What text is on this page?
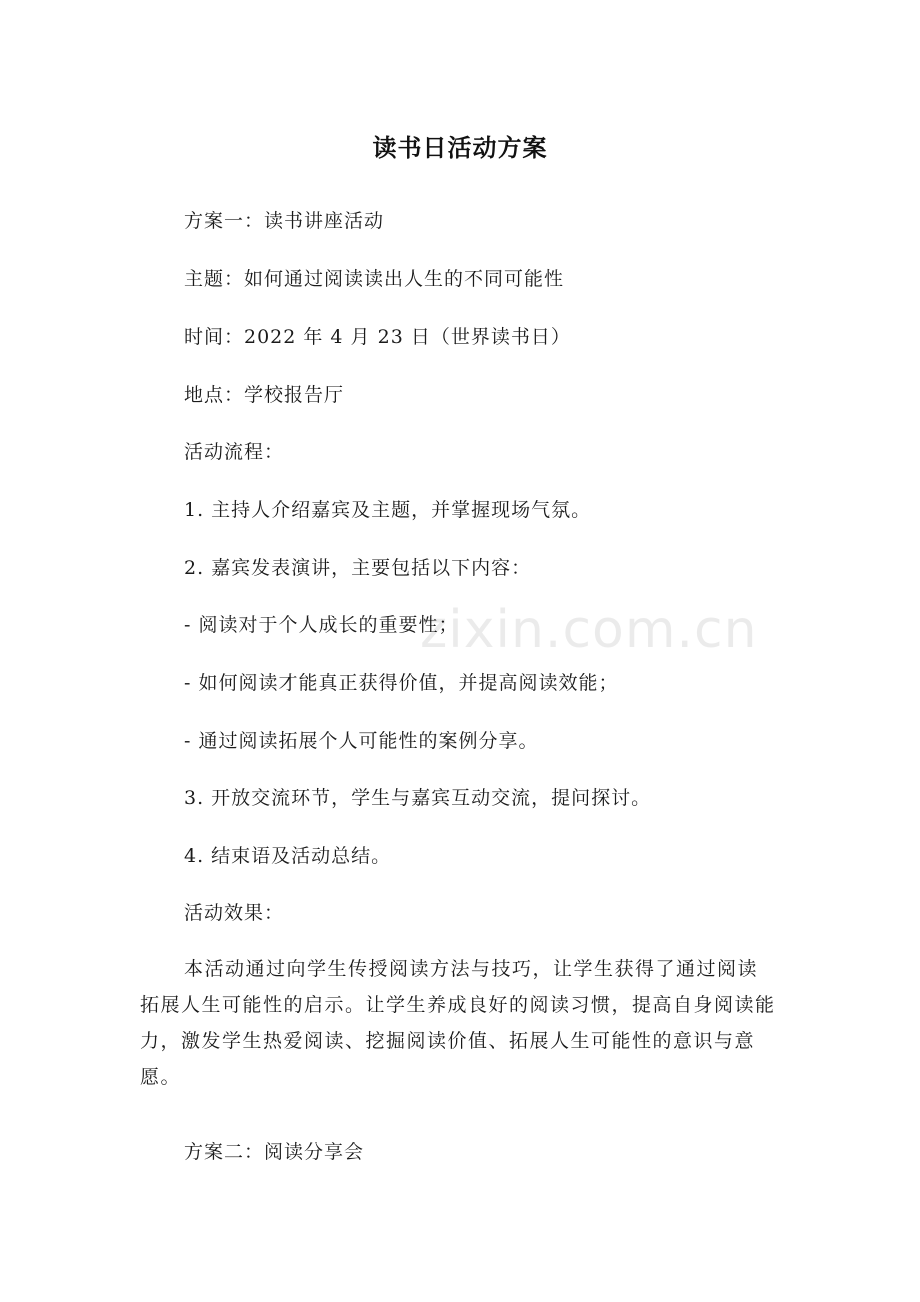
读书日活动方案
方案一：读书讲座活动
主题：如何通过阅读读出人生的不同可能性
时间：2022 年 4 月 23 日（世界读书日）
地点：学校报告厅
活动流程：
1. 主持人介绍嘉宾及主题，并掌握现场气氛。
2. 嘉宾发表演讲，主要包括以下内容：
- 阅读对于个人成长的重要性；
- 如何阅读才能真正获得价值，并提高阅读效能；
- 通过阅读拓展个人可能性的案例分享。
3. 开放交流环节，学生与嘉宾互动交流，提问探讨。
4. 结束语及活动总结。
活动效果：
本活动通过向学生传授阅读方法与技巧，让学生获得了通过阅读拓展人生可能性的启示。让学生养成良好的阅读习惯，提高自身阅读能力，激发学生热爱阅读、挖掘阅读价值、拓展人生可能性的意识与意愿。
方案二：阅读分享会
zixin.com.cn
